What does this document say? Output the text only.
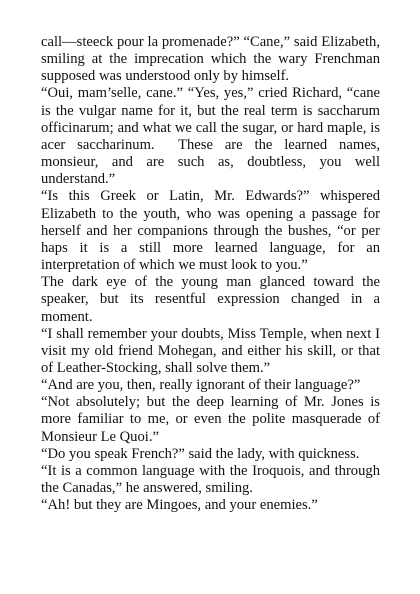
call—steeck pour la promenade?” “Cane,” said Elizabeth, smiling at the imprecation which the wary Frenchman supposed was understood only by himself.

“Oui, mam’selle, cane.” “Yes, yes,” cried Richard, “cane is the vulgar name for it, but the real term is saccharum officinarum; and what we call the sugar, or hard maple, is acer saccharinum.  These are the learned names, monsieur, and are such as, doubtless, you well understand.”

“Is this Greek or Latin, Mr. Edwards?” whispered Elizabeth to the youth, who was opening a passage for herself and her companions through the bushes, “or per haps it is a still more learned language, for an interpretation of which we must look to you.”

The dark eye of the young man glanced toward the speaker, but its resentful expression changed in a moment.

“I shall remember your doubts, Miss Temple, when next I visit my old friend Mohegan, and either his skill, or that of Leather-Stocking, shall solve them.”

“And are you, then, really ignorant of their language?”

“Not absolutely; but the deep learning of Mr. Jones is more familiar to me, or even the polite masquerade of Monsieur Le Quoi.”

“Do you speak French?” said the lady, with quickness.

“It is a common language with the Iroquois, and through the Canadas,” he answered, smiling.

“Ah! but they are Mingoes, and your enemies.”
